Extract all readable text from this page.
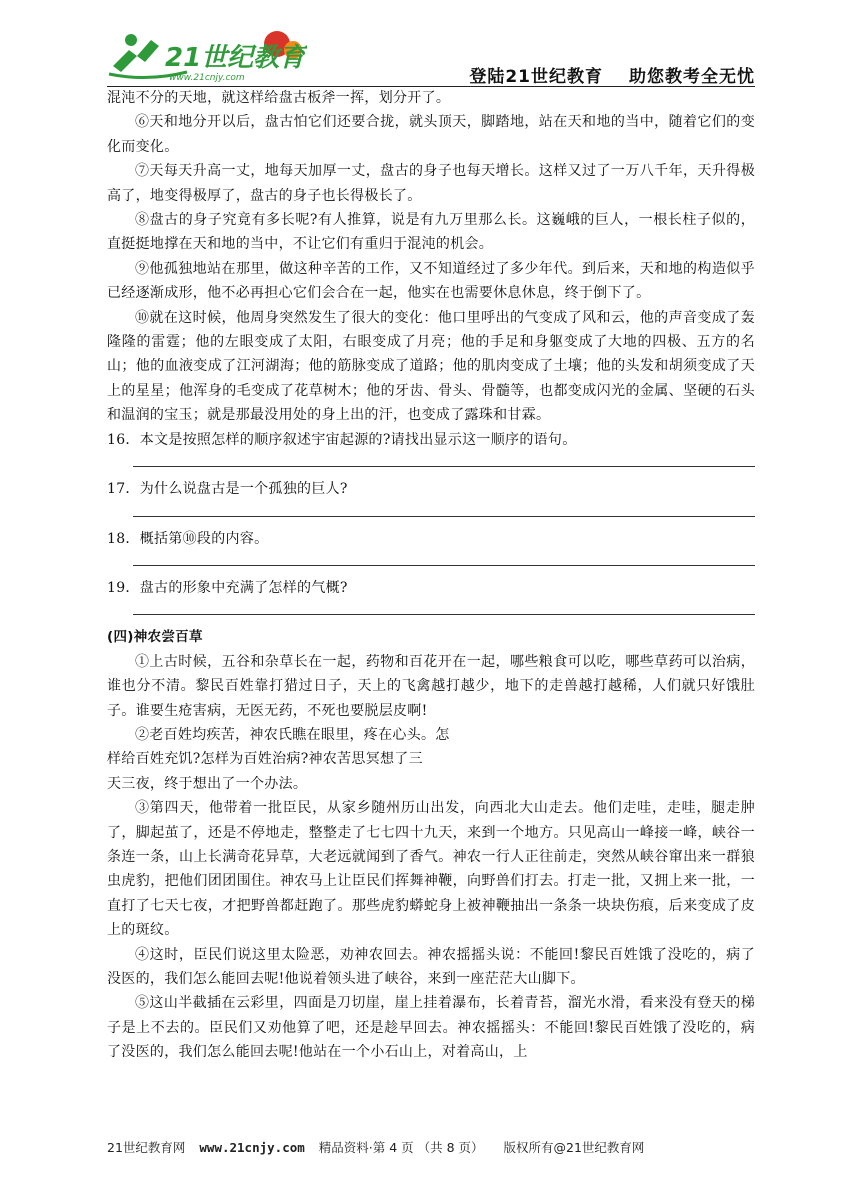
21世纪教育
www.21cnjy.com	登陆21世纪教育 助您教考全无忧

混沌不分的天地，就这样给盘古板斧一挥，划分开了。

⑥天和地分开以后，盘古怕它们还要合拢，就头顶天，脚踏地，站在天和地的当中，随着它们的变化而变化。

⑦天每天升高一丈，地每天加厚一丈，盘古的身子也每天增长。这样又过了一万八千年，天升得极高了，地变得极厚了，盘古的身子也长得极长了。

⑧盘古的身子究竟有多长呢?有人推算，说是有九万里那么长。这巍峨的巨人，一根长柱子似的，直挺挺地撑在天和地的当中，不让它们有重归于混沌的机会。

⑨他孤独地站在那里，做这种辛苦的工作，又不知道经过了多少年代。到后来，天和地的构造似乎已经逐渐成形，他不必再担心它们会合在一起，他实在也需要休息休息，终于倒下了。

⑩就在这时候，他周身突然发生了很大的变化：他口里呼出的气变成了风和云，他的声音变成了轰隆隆的雷霆；他的左眼变成了太阳，右眼变成了月亮；他的手足和身躯变成了大地的四极、五方的名山；他的血液变成了江河湖海；他的筋脉变成了道路；他的肌肉变成了土壤；他的头发和胡须变成了天上的星星；他浑身的毛变成了花草树木；他的牙齿、骨头、骨髓等，也都变成闪光的金属、坚硬的石头和温润的宝玉；就是那最没用处的身上出的汗，也变成了露珠和甘霖。

16．本文是按照怎样的顺序叙述宇宙起源的?请找出显示这一顺序的语句。

17．为什么说盘古是一个孤独的巨人?

18．概括第⑩段的内容。

19．盘古的形象中充满了怎样的气概?

(四)神农尝百草

①上古时候，五谷和杂草长在一起，药物和百花开在一起，哪些粮食可以吃，哪些草药可以治病，谁也分不清。黎民百姓靠打猎过日子，天上的飞禽越打越少，地下的走兽越打越稀，人们就只好饿肚子。谁要生疮害病，无医无药，不死也要脱层皮啊!

②老百姓均疾苦，神农氏瞧在眼里，疼在心头。怎

样给百姓充饥?怎样为百姓治病?神农苦思冥想了三

天三夜，终于想出了一个办法。

③第四天，他带着一批臣民，从家乡随州历山出发，向西北大山走去。他们走哇，走哇，腿走肿了，脚起茧了，还是不停地走，整整走了七七四十九天，来到一个地方。只见高山一峰接一峰，峡谷一条连一条，山上长满奇花异草，大老远就闻到了香气。神农一行人正往前走，突然从峡谷窜出来一群狼虫虎豹，把他们团团围住。神农马上让臣民们挥舞神鞭，向野兽们打去。打走一批，又拥上来一批，一直打了七天七夜，才把野兽都赶跑了。那些虎豹蟒蛇身上被神鞭抽出一条条一块块伤痕，后来变成了皮上的斑纹。

④这时，臣民们说这里太险恶，劝神农回去。神农摇摇头说：不能回!黎民百姓饿了没吃的，病了没医的，我们怎么能回去呢!他说着领头进了峡谷，来到一座茫茫大山脚下。

⑤这山半截插在云彩里，四面是刀切崖，崖上挂着瀑布，长着青苔，溜光水滑，看来没有登天的梯子是上不去的。臣民们又劝他算了吧，还是趁早回去。神农摇摇头：不能回!黎民百姓饿了没吃的，病了没医的，我们怎么能回去呢!他站在一个小石山上，对着高山，上

21世纪教育网 www.21cnjy.com 精品资料·第 4 页 （共 8 页） 版权所有@21世纪教育网
